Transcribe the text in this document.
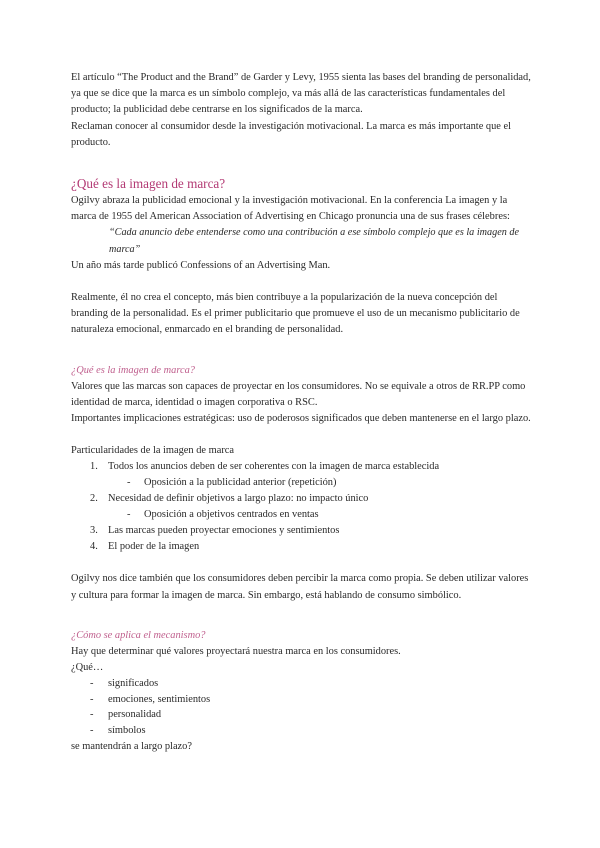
El artículo “The Product and the Brand” de Garder y Levy, 1955 sienta las bases del branding de personalidad, ya que se dice que la marca es un símbolo complejo, va más allá de las características fundamentales del producto; la publicidad debe centrarse en los significados de la marca.

Reclaman conocer al consumidor desde la investigación motivacional. La marca es más importante que el producto.

¿Qué es la imagen de marca?

Ogilvy abraza la publicidad emocional y la investigación motivacional. En la conferencia La imagen y la marca de 1955 del American Association of Advertising en Chicago pronuncia una de sus frases célebres:

“Cada anuncio debe entenderse como una contribución a ese símbolo complejo que es la imagen de marca”

Un año más tarde publicó Confessions of an Advertising Man.

Realmente, él no crea el concepto, más bien contribuye a la popularización de la nueva concepción del branding de la personalidad. Es el primer publicitario que promueve el uso de un mecanismo publicitario de naturaleza emocional, enmarcado en el branding de personalidad.

¿Qué es la imagen de marca?

Valores que las marcas son capaces de proyectar en los consumidores. No se equivale a otros de RR.PP como identidad de marca, identidad o imagen corporativa o RSC.

Importantes implicaciones estratégicas: uso de poderosos significados que deben mantenerse en el largo plazo.

Particularidades de la imagen de marca

1. Todos los anuncios deben de ser coherentes con la imagen de marca establecida
- Oposición a la publicidad anterior (repetición)
2. Necesidad de definir objetivos a largo plazo: no impacto único
- Oposición a objetivos centrados en ventas
3. Las marcas pueden proyectar emociones y sentimientos
4. El poder de la imagen

Ogilvy nos dice también que los consumidores deben percibir la marca como propia. Se deben utilizar valores y cultura para formar la imagen de marca. Sin embargo, está hablando de consumo simbólico.

¿Cómo se aplica el mecanismo?

Hay que determinar qué valores proyectará nuestra marca en los consumidores.

¿Qué…

- significados
- emociones, sentimientos
- personalidad
- símbolos

se mantendrán a largo plazo?
